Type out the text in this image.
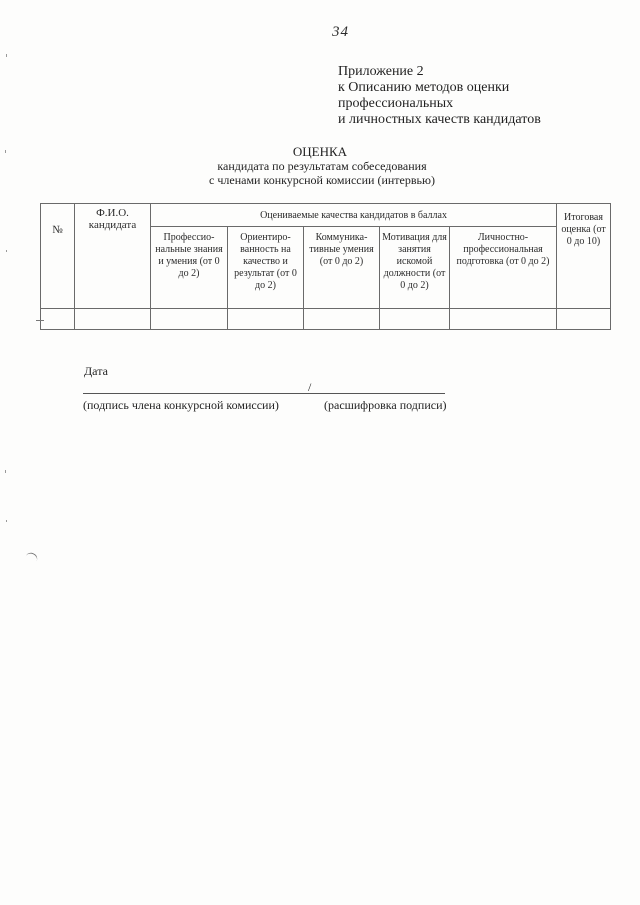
34
Приложение 2
к Описанию методов оценки
профессиональных
и личностных качеств кандидатов
ОЦЕНКА
кандидата по результатам собеседования
с членами конкурсной комиссии (интервью)
№	Ф.И.О. кандидата	Оцениваемые качества кандидатов в баллах					Итоговая оценка (от 0 до 10)
		Профессио-нальные знания и умения (от 0 до 2)	Ориентиро-ванность на качество и результат (от 0 до 2)	Коммуника-тивные умения (от 0 до 2)	Мотивация для занятия искомой должности (от 0 до 2)	Личностно-профессиональная подготовка (от 0 до 2)	

Дата
/
(подпись члена конкурсной комиссии)	(расшифровка подписи)
